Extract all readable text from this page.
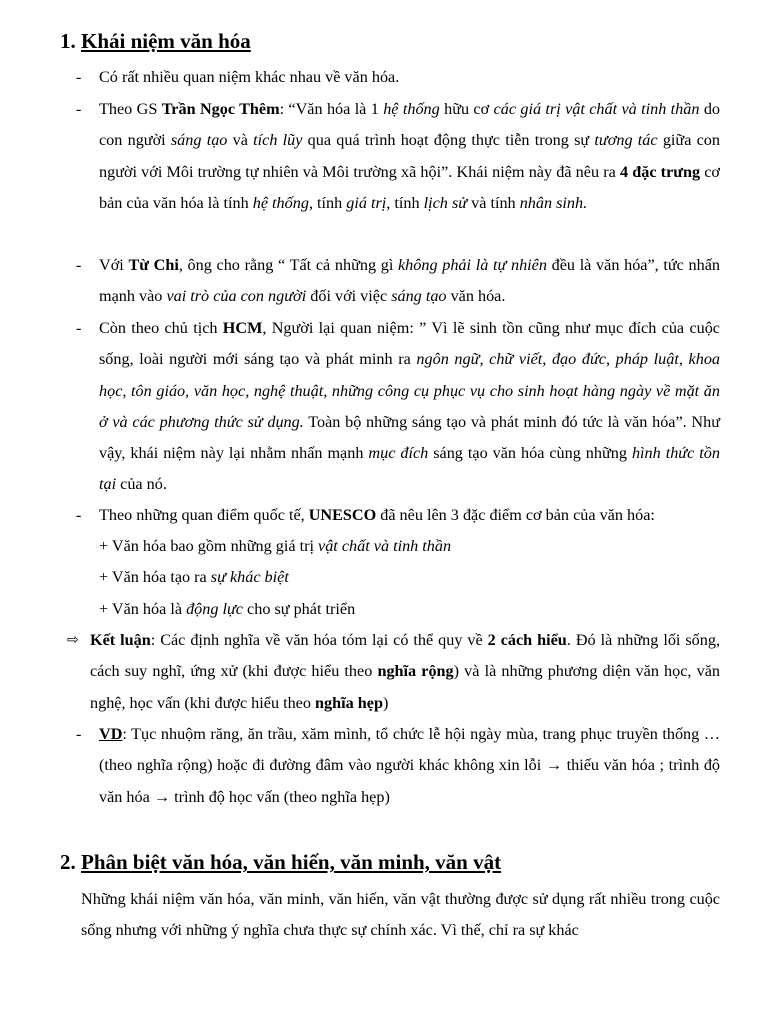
1. Khái niệm văn hóa
-	Có rất nhiều quan niệm khác nhau về văn hóa.
-	Theo GS Trần Ngọc Thêm: “Văn hóa là 1 hệ thống hữu cơ các giá trị vật chất và tinh thần do con người sáng tạo và tích lũy qua quá trình hoạt động thực tiễn trong sự tương tác giữa con người với Môi trường tự nhiên và Môi trường xã hội”. Khái niệm này đã nêu ra 4 đặc trưng cơ bản của văn hóa là tính hệ thống, tính giá trị, tính lịch sử và tính nhân sinh.
-	Với Từ Chi, ông cho rằng “ Tất cả những gì không phải là tự nhiên đều là văn hóa”, tức nhấn mạnh vào vai trò của con người đối với việc sáng tạo văn hóa.
-	Còn theo chủ tịch HCM, Người lại quan niệm: ” Vì lẽ sinh tồn cũng như mục đích của cuộc sống, loài người mới sáng tạo và phát minh ra ngôn ngữ, chữ viết, đạo đức, pháp luật, khoa học, tôn giáo, văn học, nghệ thuật, những công cụ phục vụ cho sinh hoạt hàng ngày về mặt ăn ở và các phương thức sử dụng. Toàn bộ những sáng tạo và phát minh đó tức là văn hóa”. Như vậy, khái niệm này lại nhằm nhấn mạnh mục đích sáng tạo văn hóa cùng những hình thức tồn tại của nó.
-	Theo những quan điểm quốc tế, UNESCO đã nêu lên 3 đặc điểm cơ bản của văn hóa:
+ Văn hóa bao gồm những giá trị vật chất và tinh thần
+ Văn hóa tạo ra sự khác biệt
+ Văn hóa là động lực cho sự phát triển
⇨ Kết luận: Các định nghĩa về văn hóa tóm lại có thể quy về 2 cách hiểu. Đó là những lối sống, cách suy nghĩ, ứng xử (khi được hiểu theo nghĩa rộng) và là những phương diện văn học, văn nghệ, học vấn (khi được hiểu theo nghĩa hẹp)
-	VD: Tục nhuộm răng, ăn trầu, xăm mình, tổ chức lễ hội ngày mùa, trang phục truyền thống … (theo nghĩa rộng) hoặc đi đường đâm vào người khác không xin lỗi → thiếu văn hóa ; trình độ văn hóa → trình độ học vấn (theo nghĩa hẹp)
2. Phân biệt văn hóa, văn hiến, văn minh, văn vật
Những khái niệm văn hóa, văn minh, văn hiến, văn vật thường được sử dụng rất nhiều trong cuộc sống nhưng với những ý nghĩa chưa thực sự chính xác. Vì thế, chỉ ra sự khác
